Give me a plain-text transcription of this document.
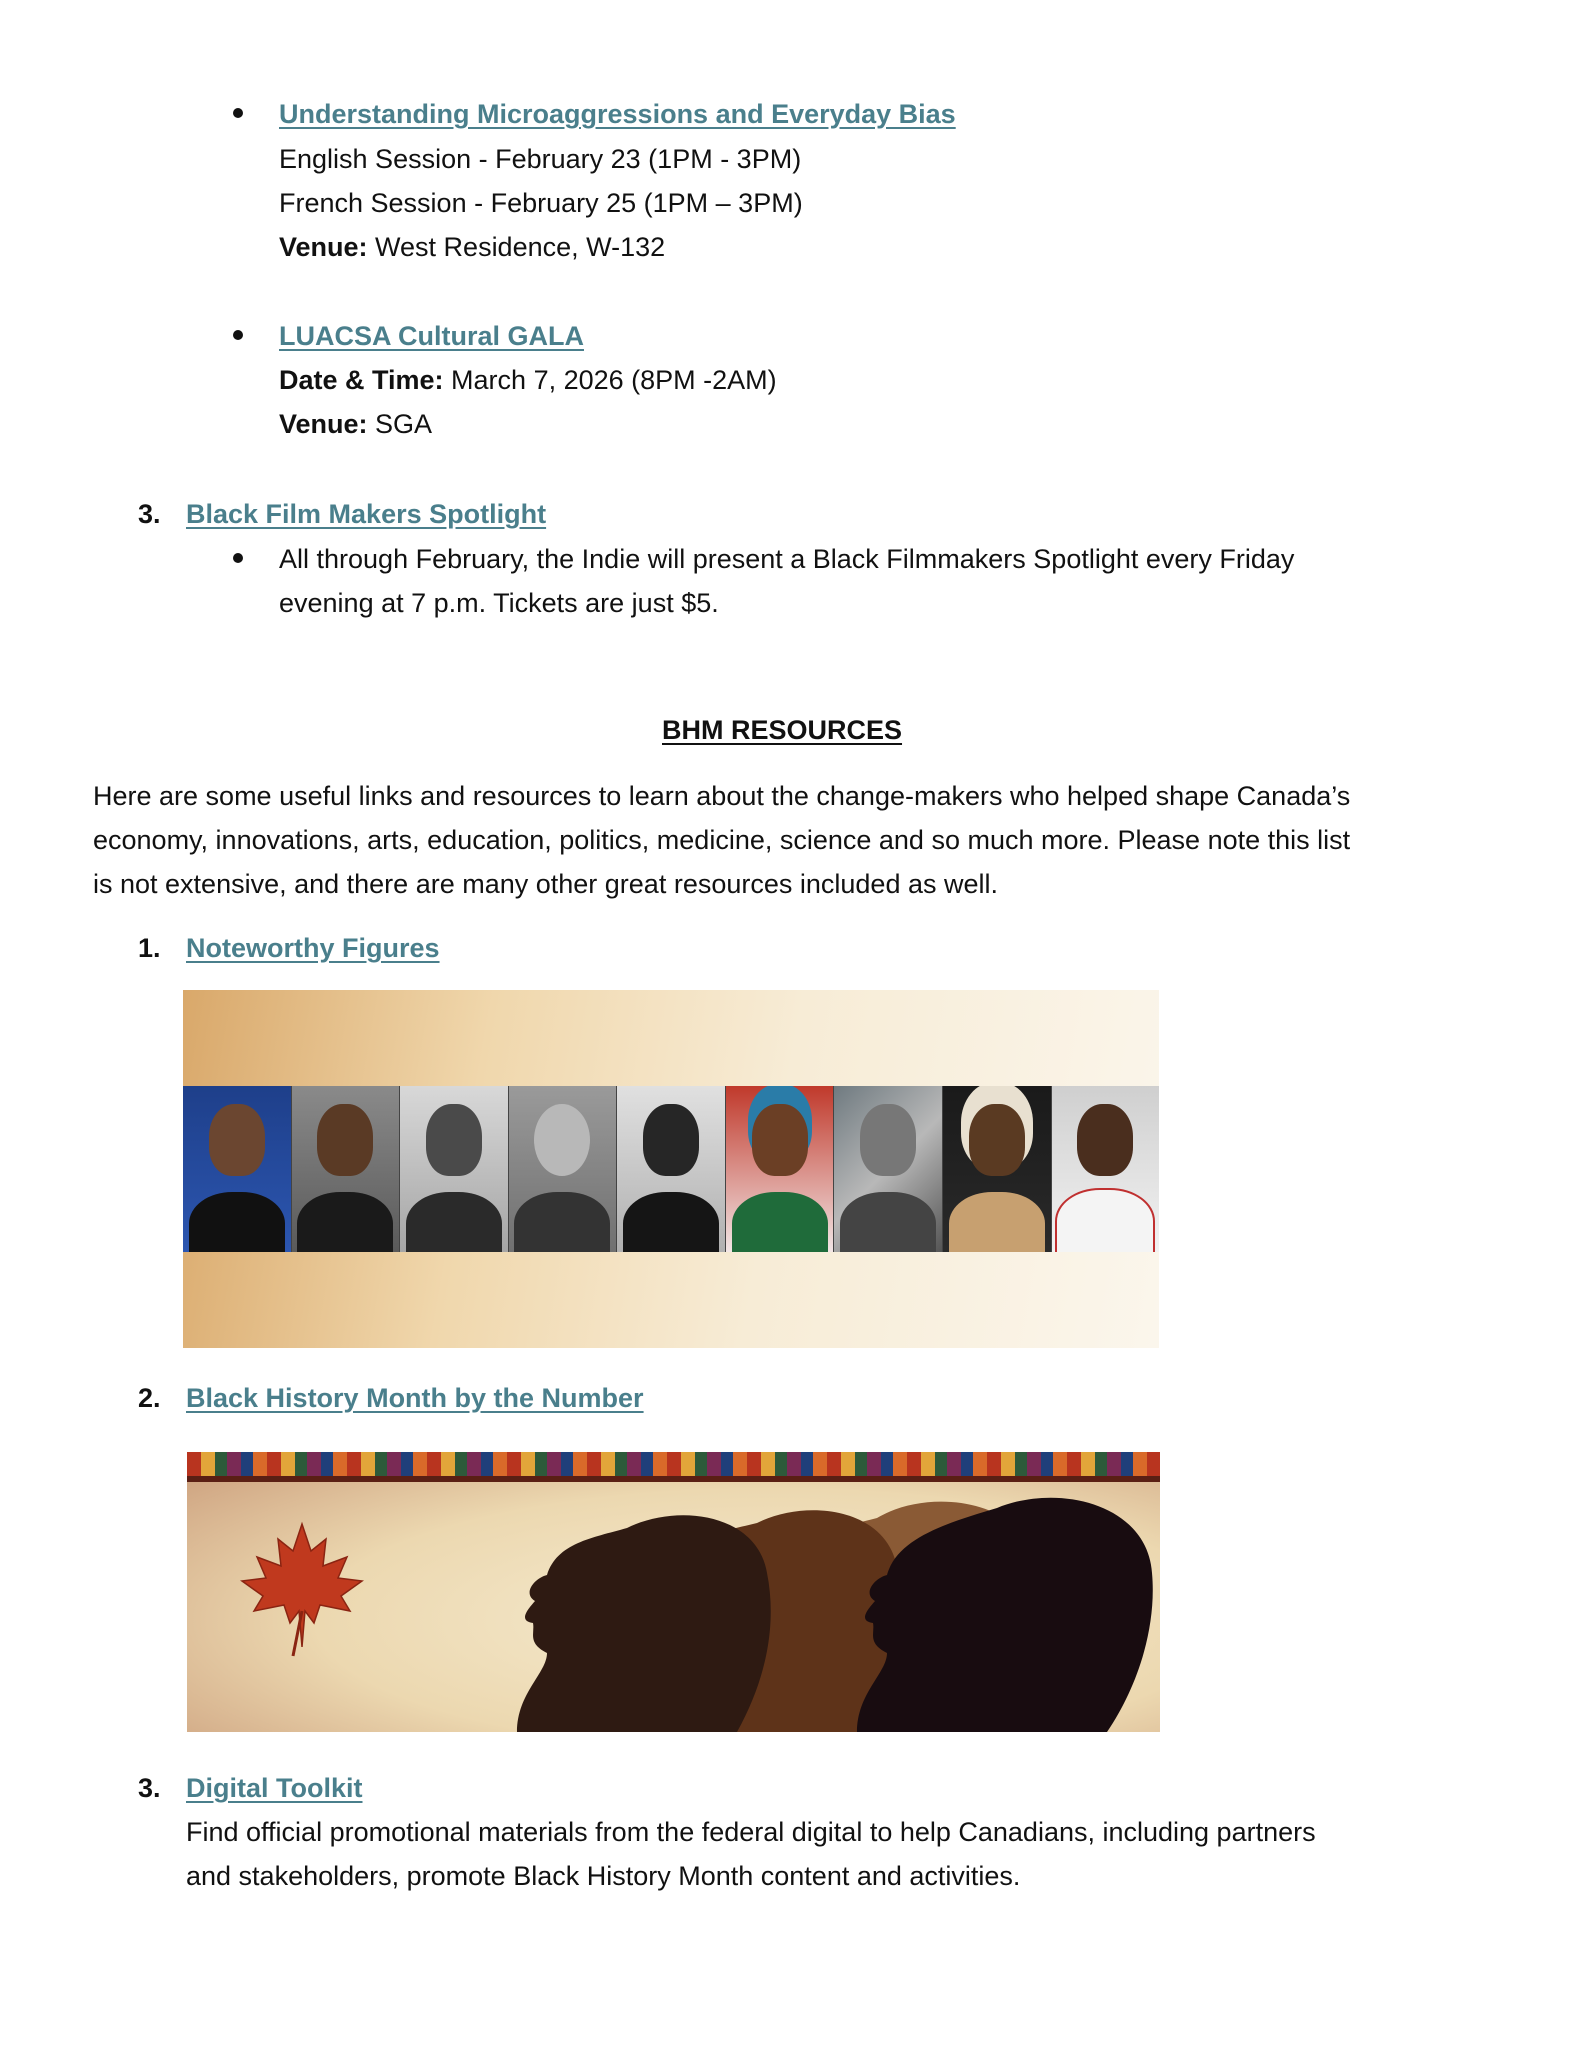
Understanding Microaggressions and Everyday Bias
English Session - February 23 (1PM - 3PM)
French Session - February 25 (1PM – 3PM)
Venue: West Residence, W-132
LUACSA Cultural GALA
Date & Time: March 7, 2026 (8PM -2AM)
Venue: SGA
3. Black Film Makers Spotlight
All through February, the Indie will present a Black Filmmakers Spotlight every Friday
evening at 7 p.m. Tickets are just $5.
BHM RESOURCES
Here are some useful links and resources to learn about the change-makers who helped shape Canada’s
economy, innovations, arts, education, politics, medicine, science and so much more. Please note this list
is not extensive, and there are many other great resources included as well.
1. Noteworthy Figures
2. Black History Month by the Number
3. Digital Toolkit
Find official promotional materials from the federal digital to help Canadians, including partners
and stakeholders, promote Black History Month content and activities.
